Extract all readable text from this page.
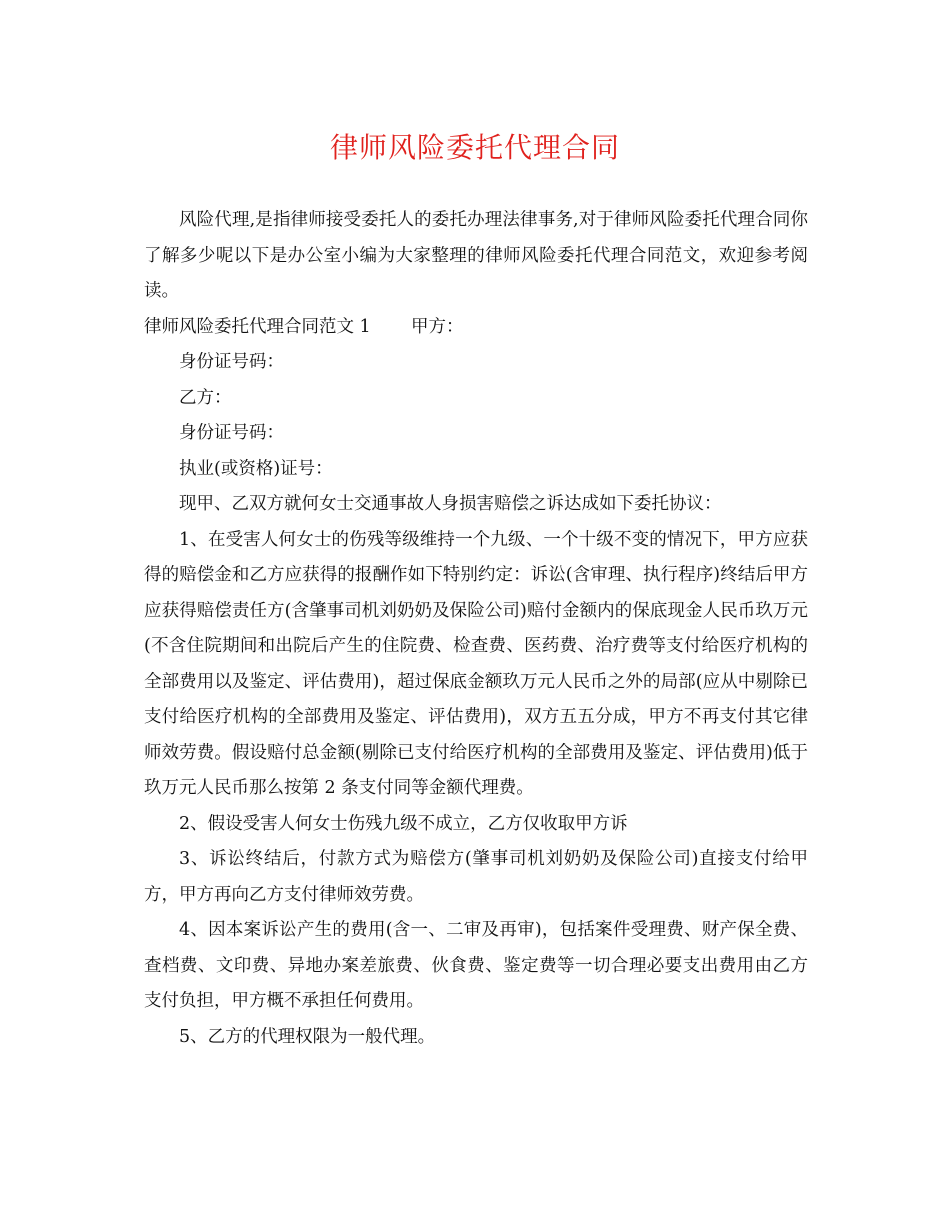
律师风险委托代理合同

风险代理,是指律师接受委托人的委托办理法律事务,对于律师风险委托代理合同你了解多少呢以下是办公室小编为大家整理的律师风险委托代理合同范文，欢迎参考阅读。

律师风险委托代理合同范文 1 甲方：

身份证号码：

乙方：

身份证号码：

执业(或资格)证号：

现甲、乙双方就何女士交通事故人身损害赔偿之诉达成如下委托协议：

1、在受害人何女士的伤残等级维持一个九级、一个十级不变的情况下，甲方应获得的赔偿金和乙方应获得的报酬作如下特别约定：诉讼(含审理、执行程序)终结后甲方应获得赔偿责任方(含肇事司机刘奶奶及保险公司)赔付金额内的保底现金人民币玖万元(不含住院期间和出院后产生的住院费、检查费、医药费、治疗费等支付给医疗机构的全部费用以及鉴定、评估费用)，超过保底金额玖万元人民币之外的局部(应从中剔除已支付给医疗机构的全部费用及鉴定、评估费用)，双方五五分成，甲方不再支付其它律师效劳费。假设赔付总金额(剔除已支付给医疗机构的全部费用及鉴定、评估费用)低于玖万元人民币那么按第 2 条支付同等金额代理费。

2、假设受害人何女士伤残九级不成立，乙方仅收取甲方诉

3、诉讼终结后，付款方式为赔偿方(肇事司机刘奶奶及保险公司)直接支付给甲方，甲方再向乙方支付律师效劳费。

4、因本案诉讼产生的费用(含一、二审及再审)，包括案件受理费、财产保全费、查档费、文印费、异地办案差旅费、伙食费、鉴定费等一切合理必要支出费用由乙方支付负担，甲方概不承担任何费用。

5、乙方的代理权限为一般代理。
